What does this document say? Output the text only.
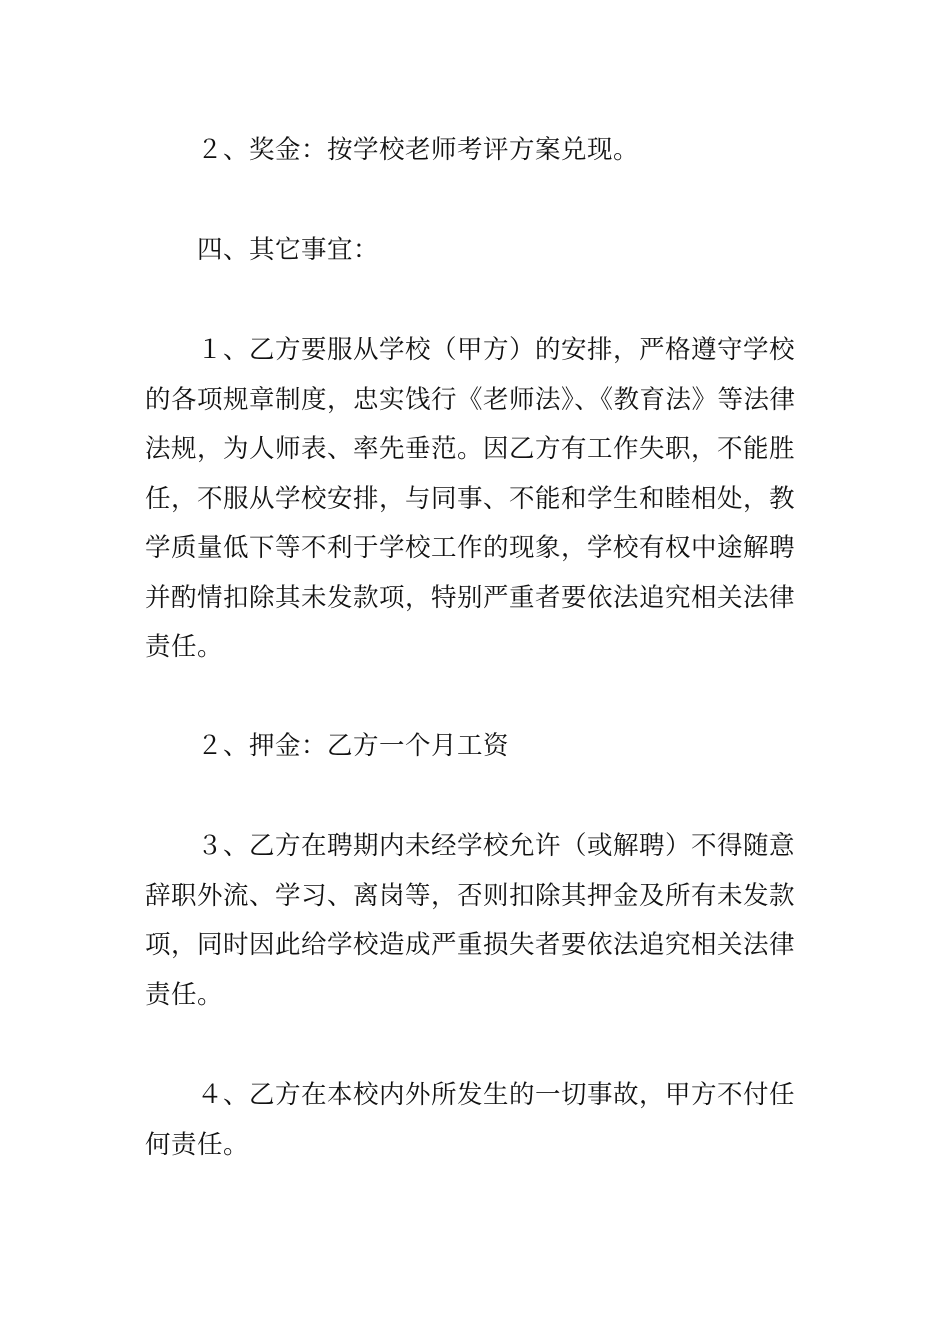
２、奖金：按学校老师考评方案兑现。

四、其它事宜：

１、乙方要服从学校（甲方）的安排，严格遵守学校的各项规章制度，忠实饯行《老师法》、《教育法》等法律法规，为人师表、率先垂范。因乙方有工作失职，不能胜任，不服从学校安排，与同事、不能和学生和睦相处，教学质量低下等不利于学校工作的现象，学校有权中途解聘并酌情扣除其未发款项，特别严重者要依法追究相关法律责任。

２、押金：乙方一个月工资

３、乙方在聘期内未经学校允许（或解聘）不得随意辞职外流、学习、离岗等，否则扣除其押金及所有未发款项，同时因此给学校造成严重损失者要依法追究相关法律责任。

４、乙方在本校内外所发生的一切事故，甲方不付任何责任。
